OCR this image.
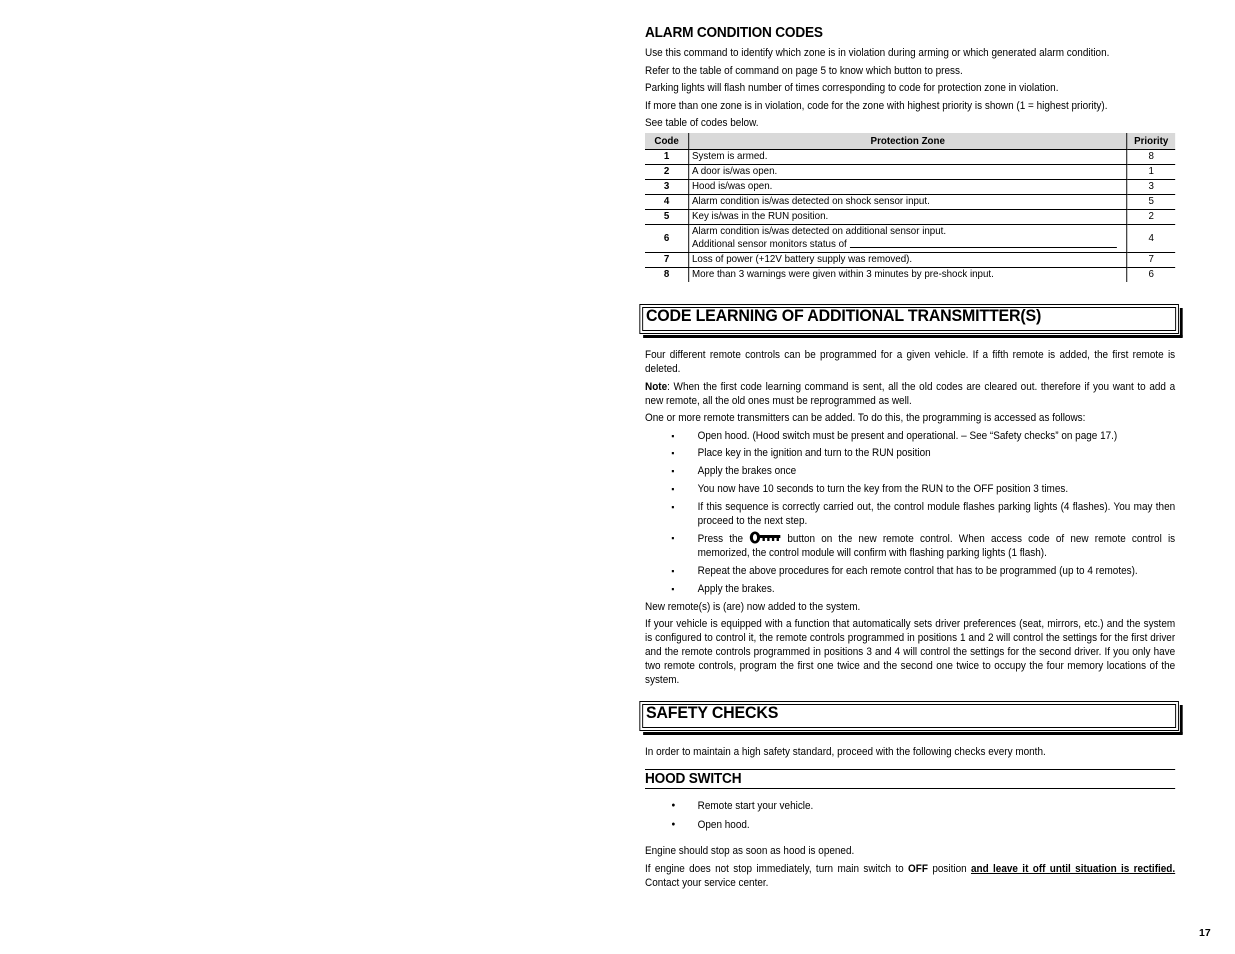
ALARM CONDITION CODES

Use this command to identify which zone is in violation during arming or which generated alarm condition.

Refer to the table of command on page 5 to know which button to press.

Parking lights will flash number of times corresponding to code for protection zone in violation.

If more than one zone is in violation, code for the zone with highest priority is shown (1 = highest priority).

See table of codes below.

Code	Protection Zone	Priority
1	System is armed.	8
2	A door is/was open.	1
3	Hood is/was open.	3
4	Alarm condition is/was detected on shock sensor input.	5
5	Key is/was in the RUN position.	2
6	Alarm condition is/was detected on additional sensor input.
Additional sensor monitors status of	4
7	Loss of power (+12V battery supply was removed).	7
8	More than 3 warnings were given within 3 minutes by pre-shock input.	6
CODE LEARNING OF ADDITIONAL TRANSMITTER(S)

Four different remote controls can be programmed for a given vehicle. If a fifth remote is added, the first remote is deleted.

Note: When the first code learning command is sent, all the old codes are cleared out. therefore if you want to add a new remote, all the old ones must be reprogrammed as well.

One or more remote transmitters can be added. To do this, the programming is accessed as follows:

▪ Open hood. (Hood switch must be present and operational. – See “Safety checks” on page 17.)
▪ Place key in the ignition and turn to the RUN position
▪ Apply the brakes once
▪ You now have 10 seconds to turn the key from the RUN to the OFF position 3 times.
▪ If this sequence is correctly carried out, the control module flashes parking lights (4 flashes). You may then proceed to the next step.
▪ Press the	button on the new remote control. When access code of new remote control is memorized, the control module will confirm with flashing parking lights (1 flash).
▪ Repeat the above procedures for each remote control that has to be programmed (up to 4 remotes).
▪ Apply the brakes.

New remote(s) is (are) now added to the system.

If your vehicle is equipped with a function that automatically sets driver preferences (seat, mirrors, etc.) and the system is configured to control it, the remote controls programmed in positions 1 and 2 will control the settings for the first driver and the remote controls programmed in positions 3 and 4 will control the settings for the second driver. If you only have two remote controls, program the first one twice and the second one twice to occupy the four memory locations of the system.

SAFETY CHECKS

In order to maintain a high safety standard, proceed with the following checks every month.

HOOD SWITCH
● Remote start your vehicle.
● Open hood.

Engine should stop as soon as hood is opened.

If engine does not stop immediately, turn main switch to OFF position and leave it off until situation is rectified. Contact your service center.

17
